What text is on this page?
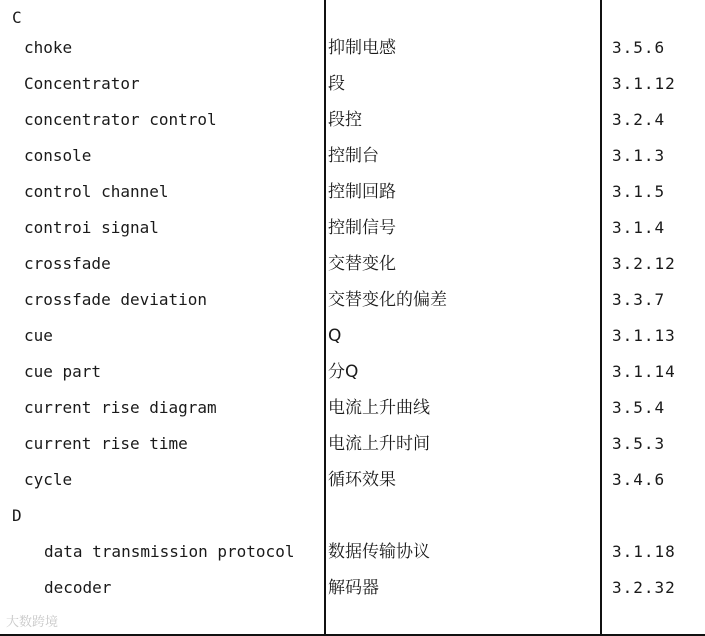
C
choke	抑制电感	3.5.6
Concentrator	段	3.1.12
concentrator control	段控	3.2.4
console	控制台	3.1.3
control channel	控制回路	3.1.5
controi signal	控制信号	3.1.4
crossfade	交替变化	3.2.12
crossfade deviation	交替变化的偏差	3.3.7
cue	Q	3.1.13
cue part	分Q	3.1.14
current rise diagram	电流上升曲线	3.5.4
current rise time	电流上升时间	3.5.3
cycle	循环效果	3.4.6
D
data transmission protocol 数据传输协议	3.1.18
decoder	解码器	3.2.32
大数跨境
